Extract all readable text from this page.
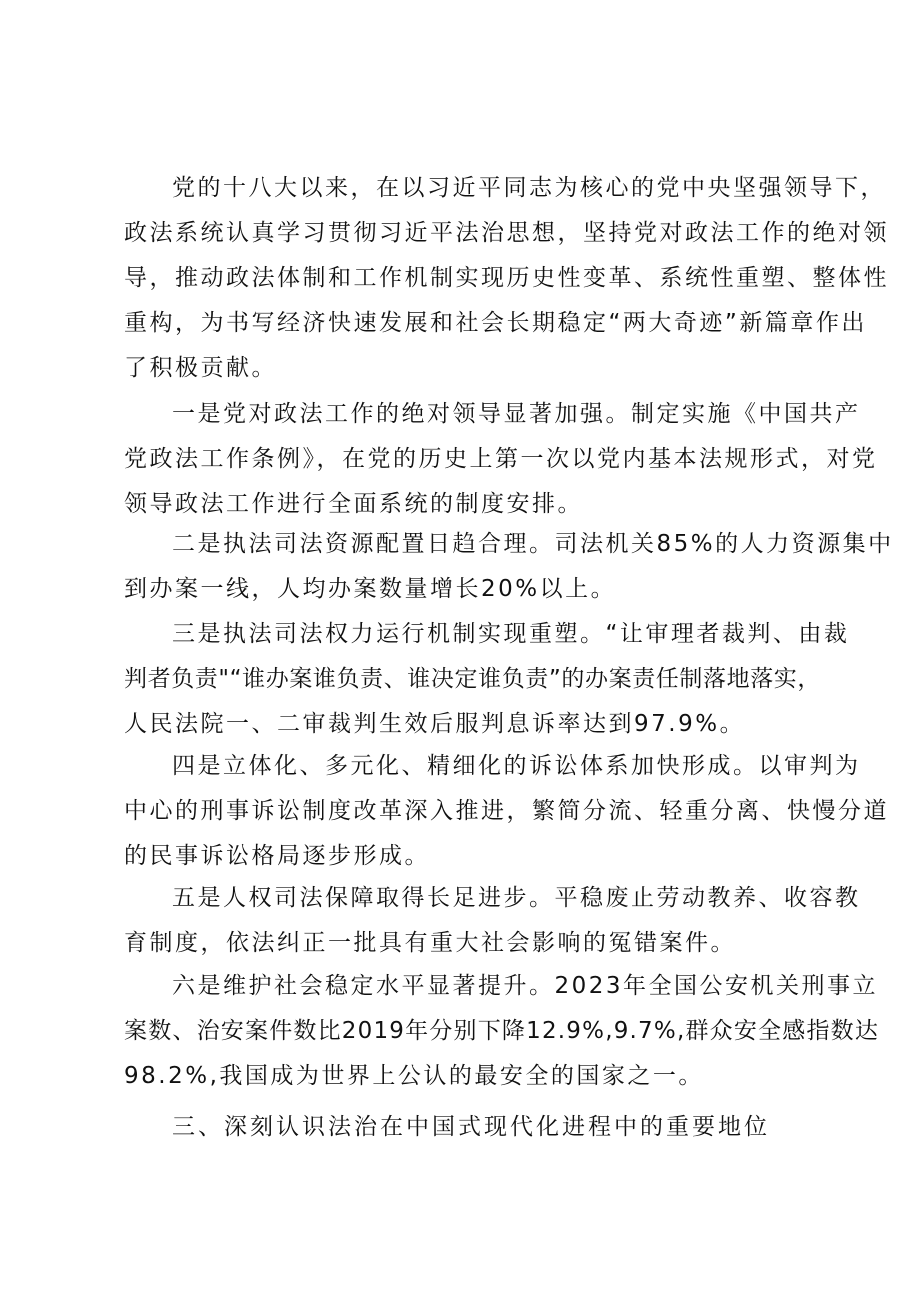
党的十八大以来，在以习近平同志为核心的党中央坚强领导下，
政法系统认真学习贯彻习近平法治思想，坚持党对政法工作的绝对领
导，推动政法体制和工作机制实现历史性变革、系统性重塑、整体性
重构，为书写经济快速发展和社会长期稳定“两大奇迹”新篇章作出
了积极贡献。
一是党对政法工作的绝对领导显著加强。制定实施《中国共产
党政法工作条例》，在党的历史上第一次以党内基本法规形式，对党
领导政法工作进行全面系统的制度安排。
二是执法司法资源配置日趋合理。司法机关85%的人力资源集中
到办案一线，人均办案数量增长20%以上。
三是执法司法权力运行机制实现重塑。“让审理者裁判、由裁
判者负责"“谁办案谁负责、谁决定谁负责”的办案责任制落地落实，
人民法院一、二审裁判生效后服判息诉率达到97.9%。
四是立体化、多元化、精细化的诉讼体系加快形成。以审判为
中心的刑事诉讼制度改革深入推进，繁简分流、轻重分离、快慢分道
的民事诉讼格局逐步形成。
五是人权司法保障取得长足进步。平稳废止劳动教养、收容教
育制度，依法纠正一批具有重大社会影响的冤错案件。
六是维护社会稳定水平显著提升。2023年全国公安机关刑事立
案数、治安案件数比2019年分别下降12.9%,9.7%,群众安全感指数达
98.2%,我国成为世界上公认的最安全的国家之一。
三、深刻认识法治在中国式现代化进程中的重要地位
